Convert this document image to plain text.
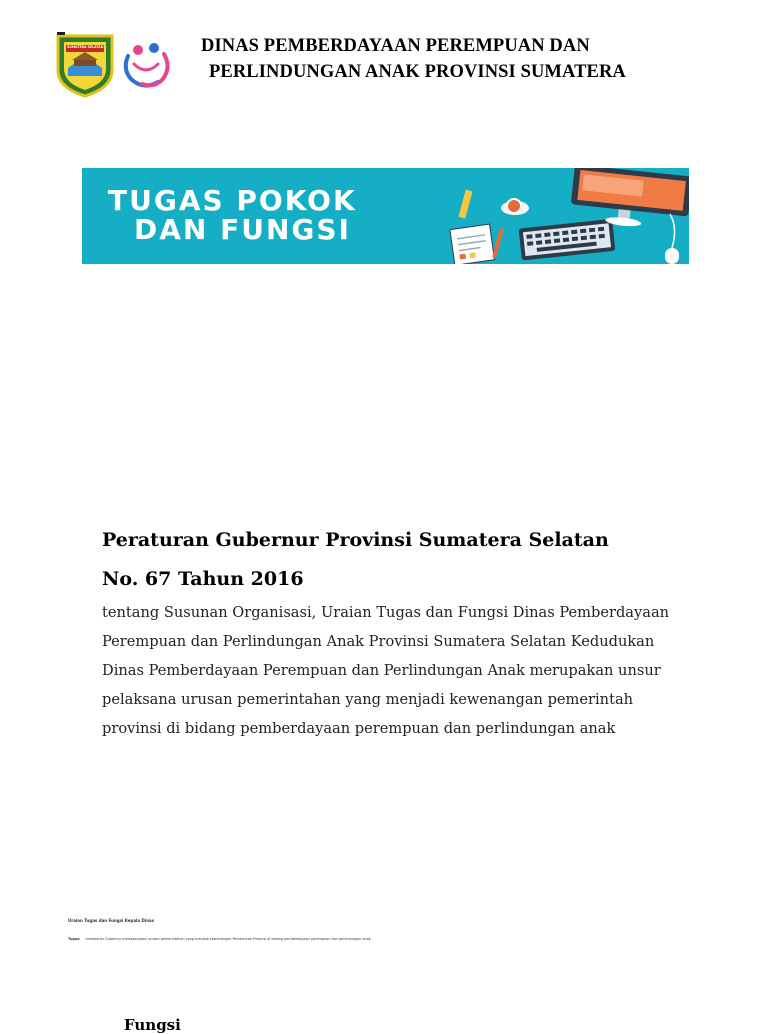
SUMATERA SELATAN	DINAS PEMBERDAYAAN PEREMPUAN DAN
PERLINDUNGAN ANAK PROVINSI SUMATERA
TUGAS POKOK
DAN FUNGSI
Peraturan Gubernur Provinsi Sumatera Selatan
No. 67 Tahun 2016
tentang Susunan Organisasi, Uraian Tugas dan Fungsi Dinas Pemberdayaan Perempuan dan Perlindungan Anak Provinsi Sumatera Selatan Kedudukan Dinas Pemberdayaan Perempuan dan Perlindungan Anak merupakan unsur pelaksana urusan pemerintahan yang menjadi kewenangan pemerintah provinsi di bidang pemberdayaan perempuan dan perlindungan anak
Uraian Tugas dan Fungsi Kepala Dinas
Tugas: membantu Gubernur melaksanakan urusan pemerintahan yang menjadi kewenangan Pemerintah Provinsi di bidang pemberdayaan perempuan dan perlindungan anak
Fungsi
